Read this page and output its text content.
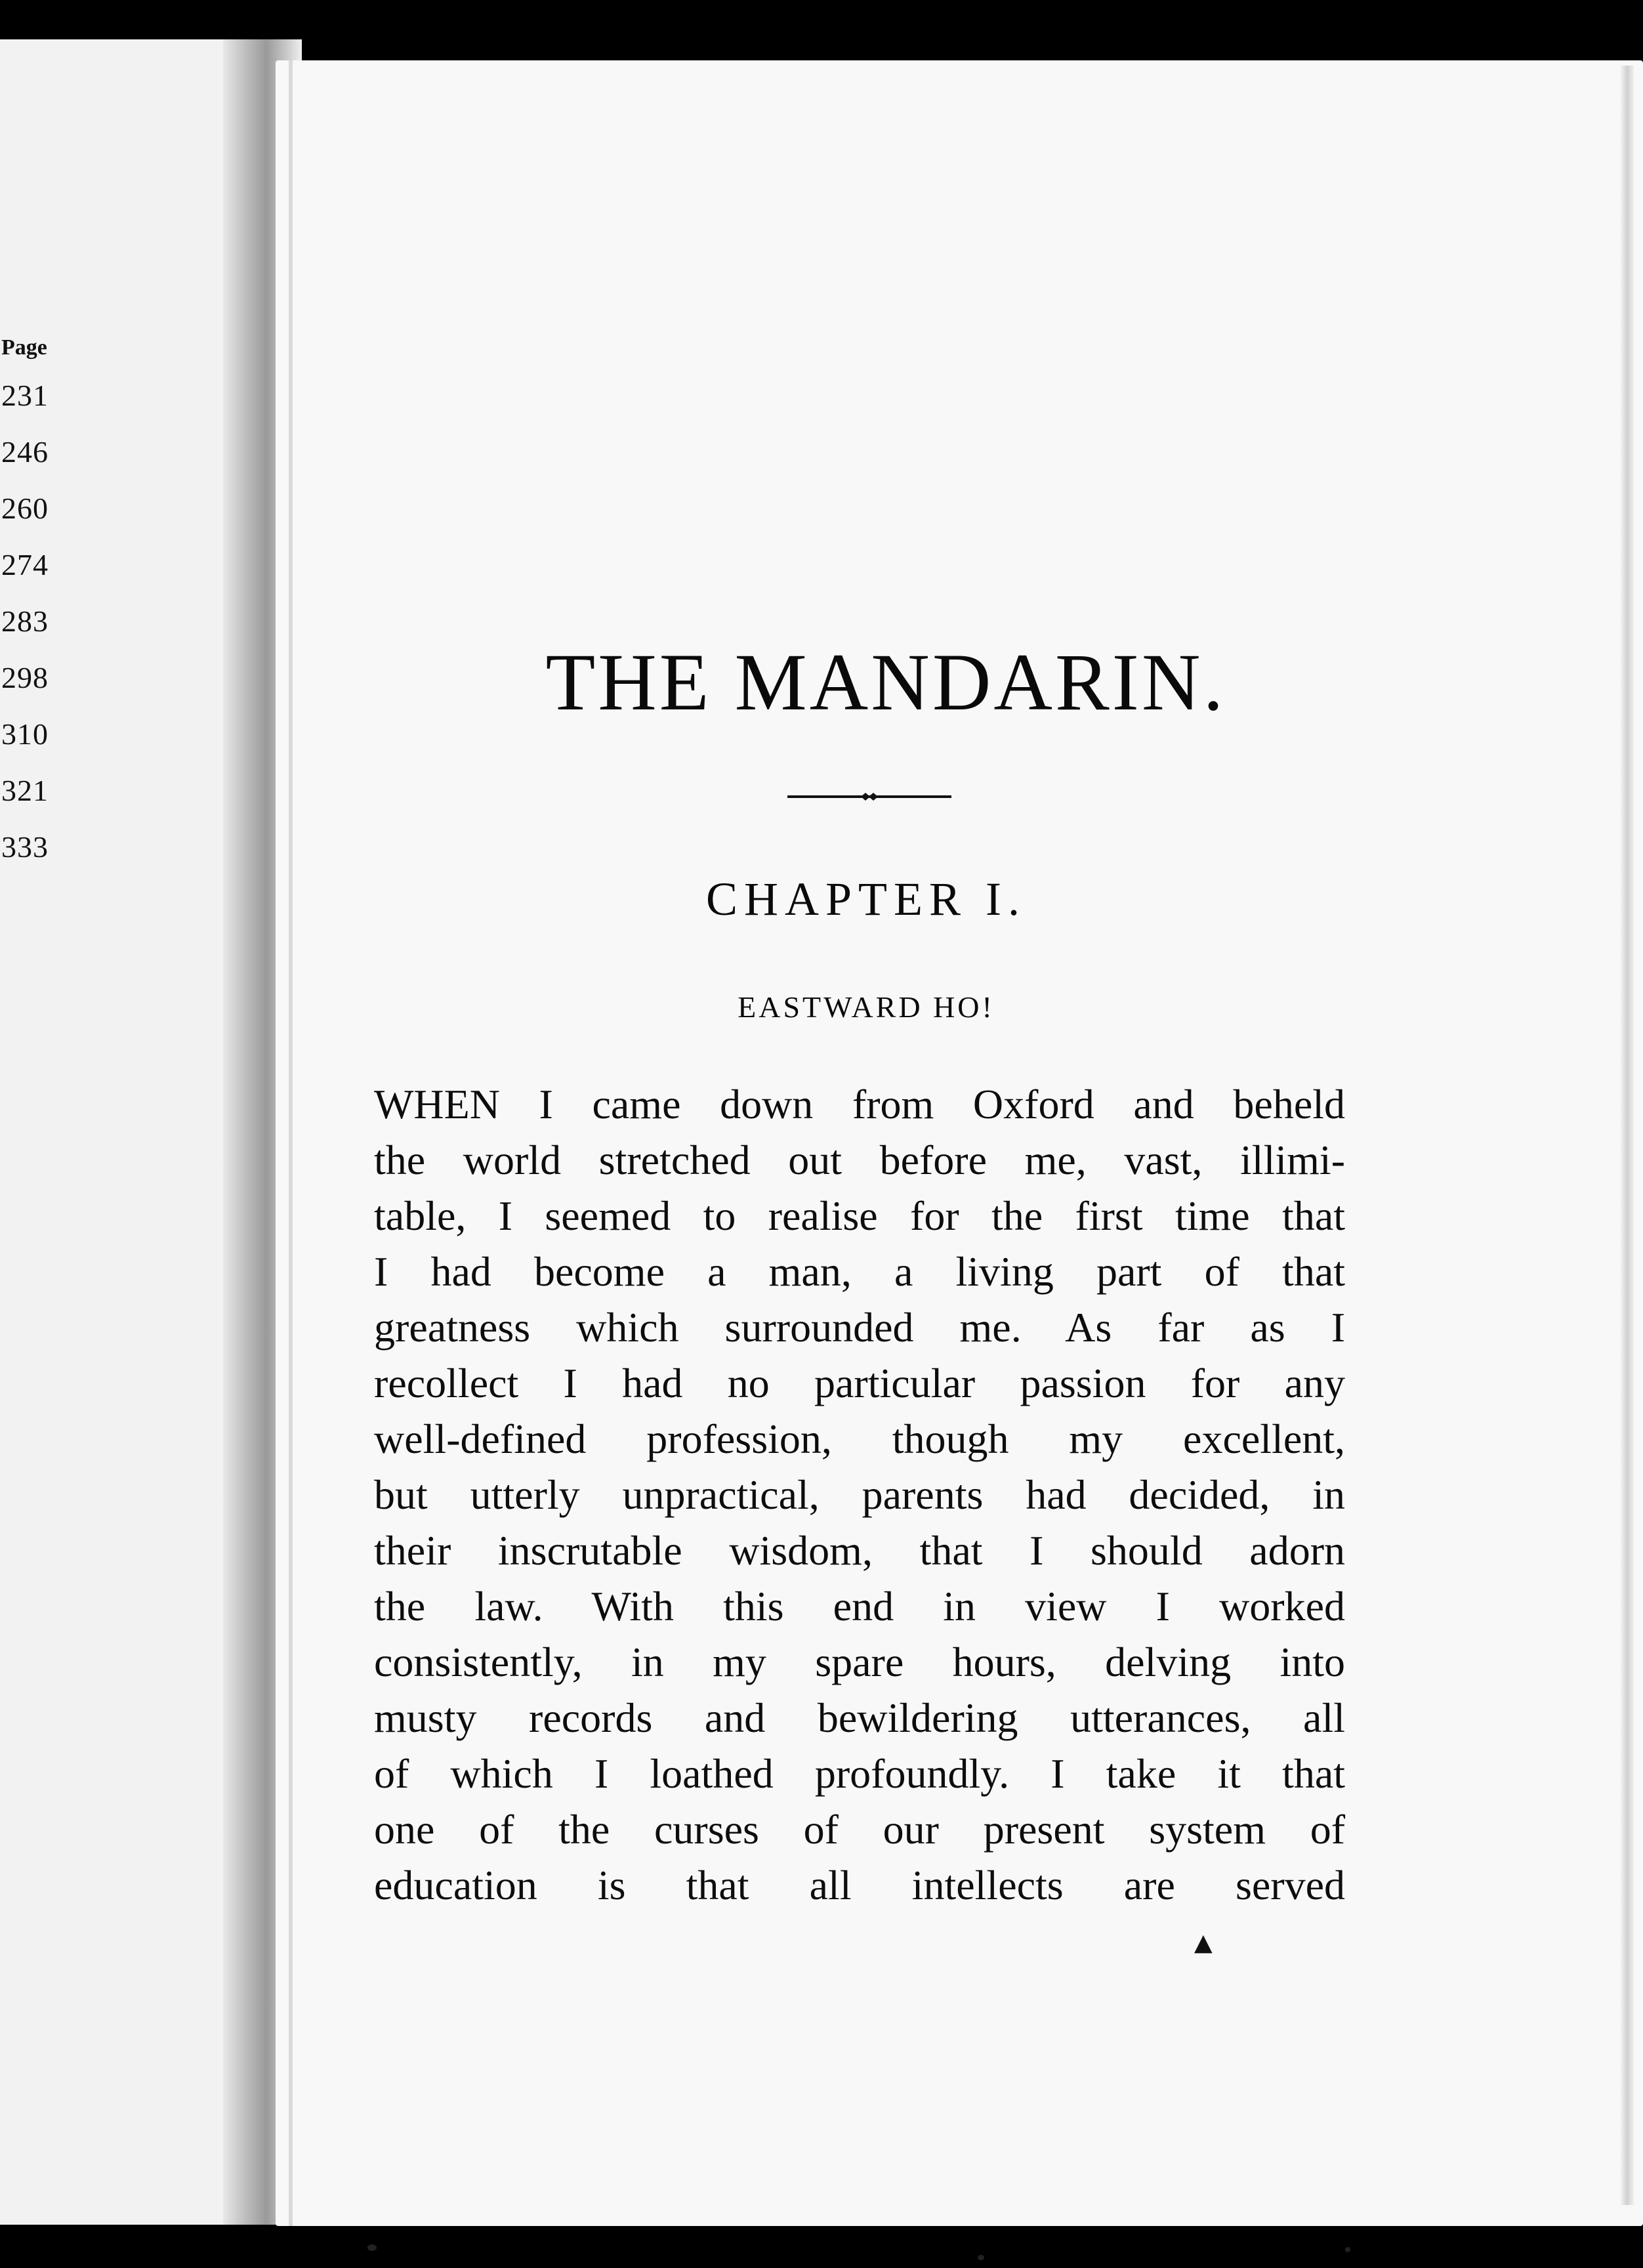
Page
231
246
260
274
283
298
310
321
333
THE MANDARIN.
CHAPTER I.
EASTWARD HO!
WHEN I came down from Oxford and beheld
the world stretched out before me, vast, illimi-
table, I seemed to realise for the first time that
I had become a man, a living part of that
greatness which surrounded me. As far as I
recollect I had no particular passion for any
well-defined profession, though my excellent,
but utterly unpractical, parents had decided, in
their inscrutable wisdom, that I should adorn
the law. With this end in view I worked
consistently, in my spare hours, delving into
musty records and bewildering utterances, all
of which I loathed profoundly. I take it that
one of the curses of our present system of
education is that all intellects are served
▲
